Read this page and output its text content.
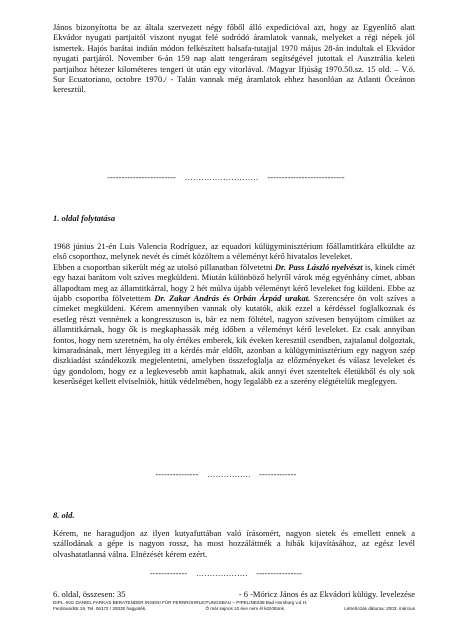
János bizonyította be az általa szervezett négy főből álló expedícióval azt, hogy az Egyenlítő alatt Ekvádor nyugati partjaitól viszont nyugat felé sodródó áramlatok vannak, melyeket a régi népek jól ismertek. Hajós barátai indián módon felkészített balsafa-tutajjal 1970 május 28-án indultak el Ekvádor nyugati partjáról. November 6-án 159 nap alatt tengeráram segítségével jutottak el Ausztrália keleti partjaihoz hétezer kilométeres tengeri út után egy vitorlával. /Magyar Ifjúság 1970.50.sz. 15 old. – V.ö. Sur Ecuatoriano, octobre 1970./ - Talán vannak még áramlatok ehhez hasonlóan az Atlanti Óceánon keresztül.

------------------------    ………………………    ---------------------------
1. oldal folytatása

1968 június 21-én Luis Valencia Rodríguez, az equadori külügyminisztérium főállamtitkára elküldte az első csoporthoz, melynek nevét és címét közöltem a véleményt kérő hivatalos leveleket.

Ebben a csoportban sikerült még az utolsó pillanatban fölvetetni Dr. Pass László nyelvészt is, kinek címét egy hazai barátom volt szíves megküldeni. Miután különböző helyről várok még egyénhány címet, abban állapodtam meg az államtitkárral, hogy 2 hét múlva újabb véleményt kérő leveleket fog küldeni. Ebbe az újabb csoportba fölvetettem Dr. Zakar András és Orbán Árpád urakat. Szerencsére ön volt szíves a címeket megküldeni. Kérem amennyiben vannak oly kutatók, akik ezzel a kérdéssel foglalkoznak és esetleg részt vennének a kongresszuson is, bár ez nem föltétel, nagyon szívesen benyújtom címüket az államtitkárnak, hogy ők is megkaphassák még időben a véleményt kérő leveleket. Ez csak annyiban fontos, hogy nem szeretném, ha oly értékes emberek, kik éveken keresztül csendben, zajtalanul dolgoztak, kimaradnának, mert lényegileg itt a kérdés már eldőlt, azonban a külügyminisztérium egy nagyon szép diszkiadást szándékozik megjelentetni, amelyben összefoglalja az előzményeket és válasz leveleket és úgy gondolom, hogy ez a legkevesebb amit kaphatnak, akik annyi évet szenteltek életükből és oly sok keserűséget kellett elviselniök, hitük védelmében, hogy legalább ez a szerény elégtételük meglegyen.

---------------    …………….    -------------
8. old.

Kérem, ne haragudjon az ilyen kutyafuttában való írásomért, nagyon sietek és emellett ennek a szállodának a gépe is nagyon rossz, ha most hozzáláttnék a hibák kijavításához, az egész levél olvashatatlanná válna. Elnézését kérem ezért.

-------------    ……………….    ----------------
6. oldal, összesen: 35	- 6 -Móricz János és az Ekvádori külügy. levelezése
DIPL.-ING DANIEL FARKAS BERATENDER INGENI FÜR FERNROHRLEITUNGSBAU – PIPELINE638 Bad Homburg v.d.H.
Ferdinandstr.19, Tel. 06172 / 29330 hagyaték.	Ő már sajnos 10 éve nem él közöttünk.	Létrehozás dátuma: 2003. március
